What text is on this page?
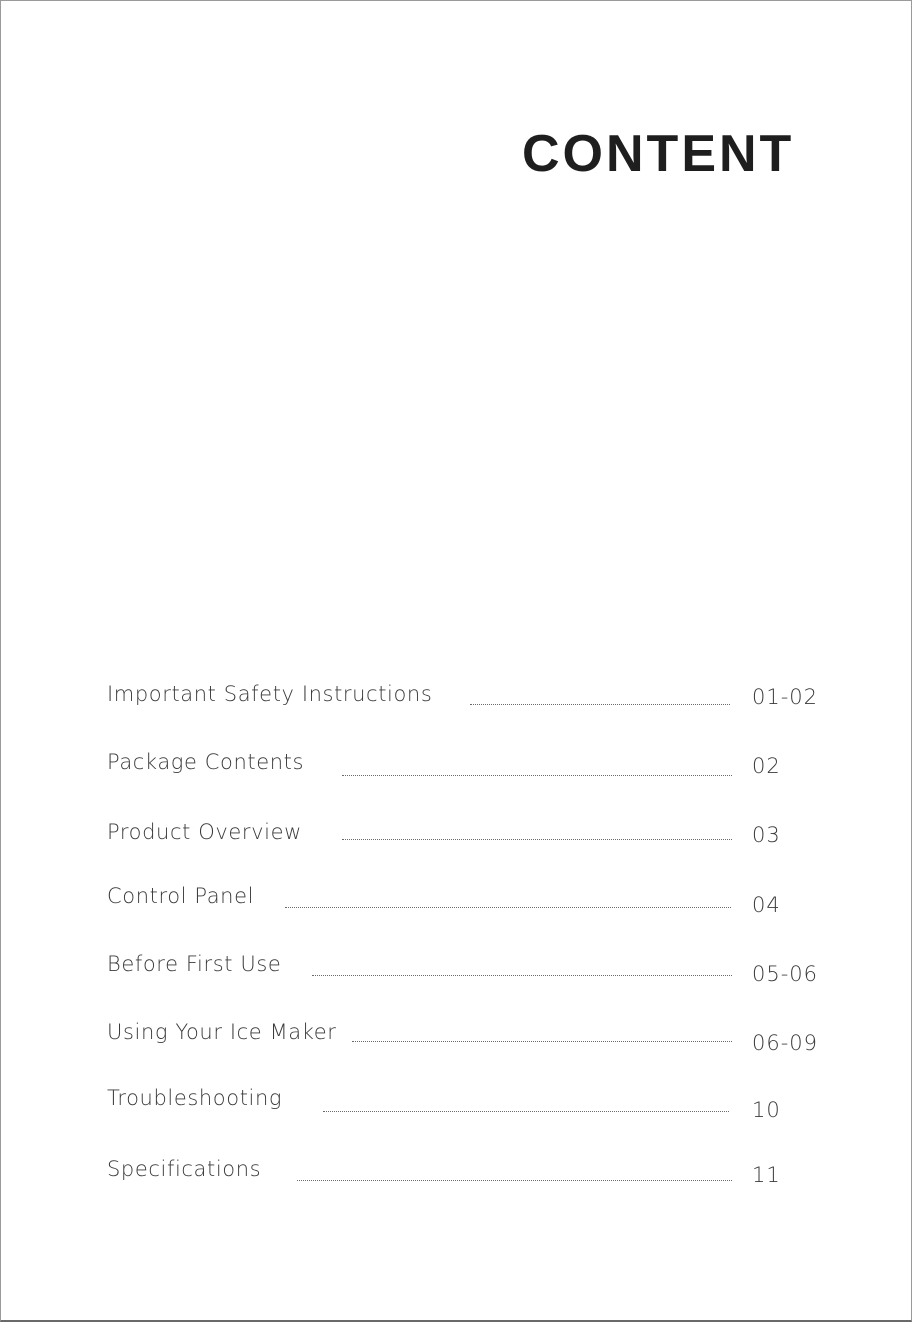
CONTENT
Important Safety Instructions	01-02
Package Contents	02
Product Overview	03
Control Panel	04
Before First Use	05-06
Using Your Ice Maker	06-09
Troubleshooting	10
Specifications	11
